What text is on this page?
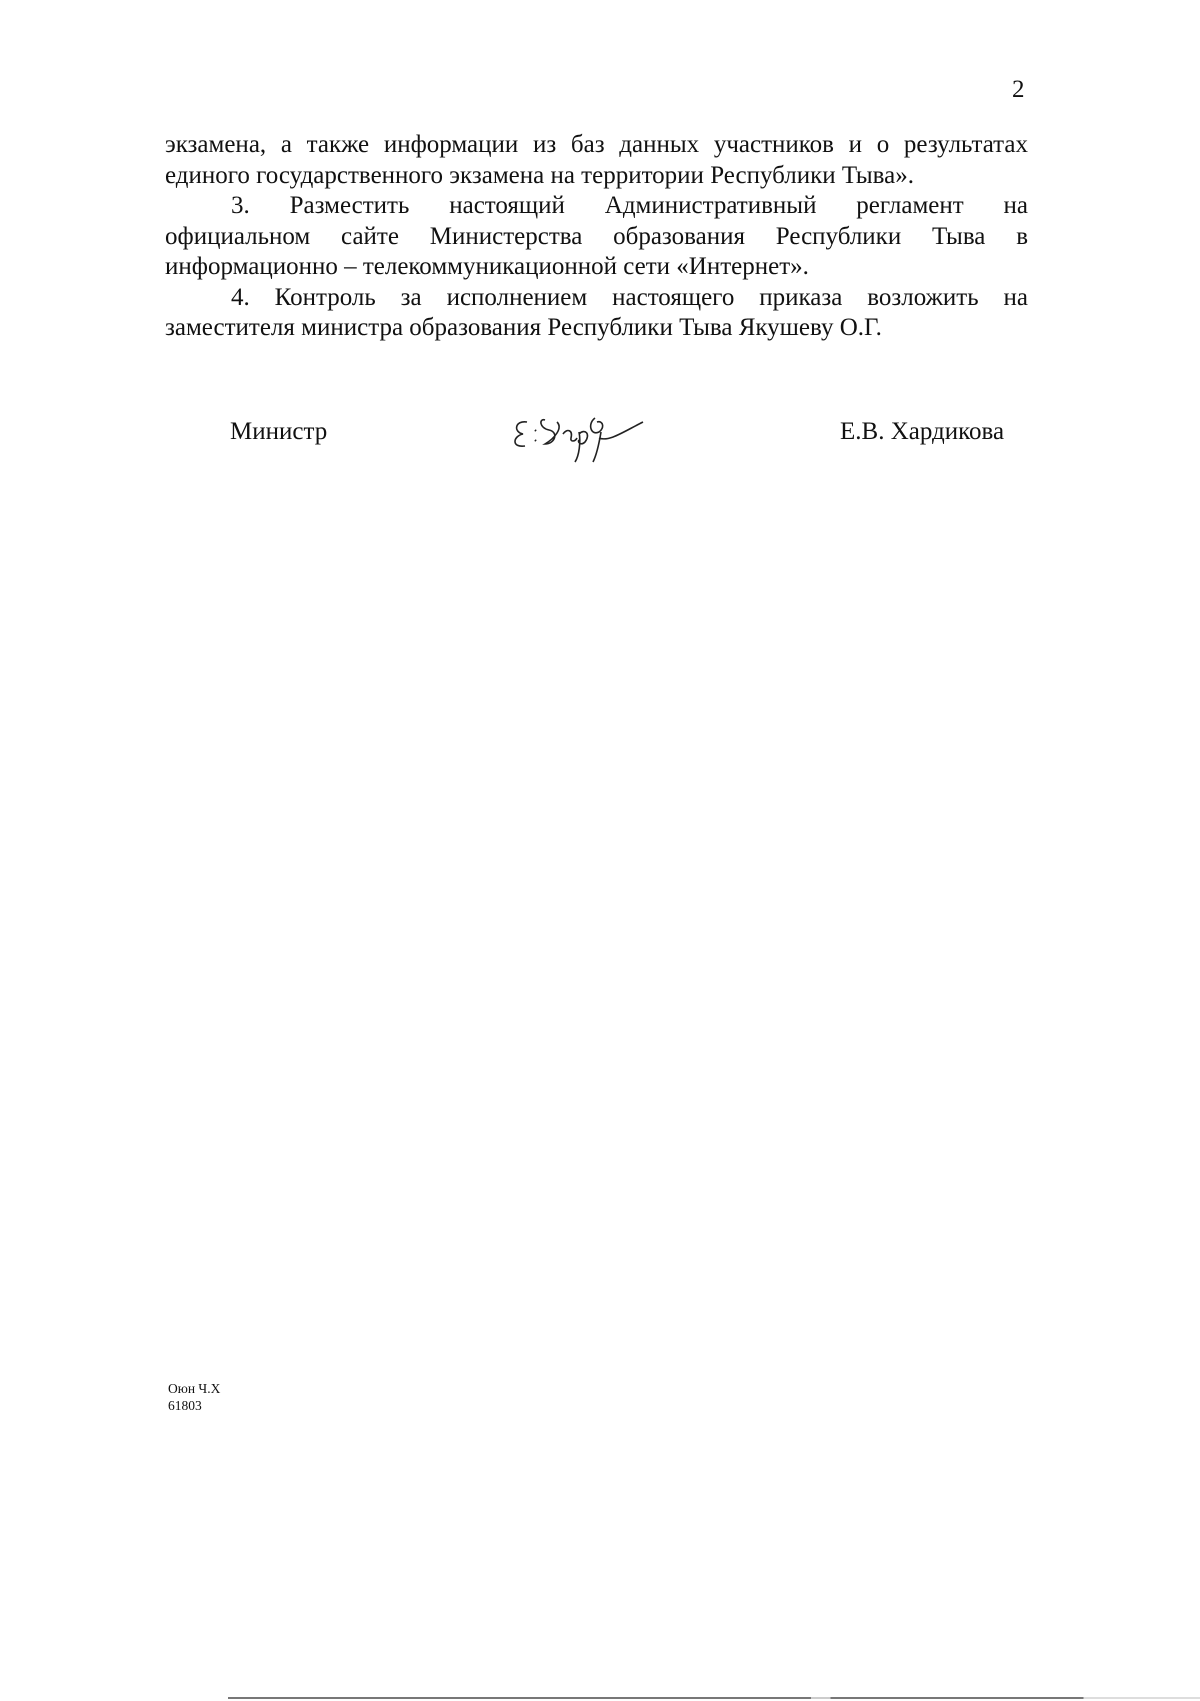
2
экзамена, а также информации из баз данных участников и о результатах
единого государственного экзамена на территории Республики Тыва».
3. Разместить настоящий Административный регламент на
официальном сайте Министерства образования Республики Тыва в
информационно – телекоммуникационной сети «Интернет».
4. Контроль за исполнением настоящего приказа возложить на
заместителя министра образования Республики Тыва Якушеву О.Г.
Министр	Е.В. Хардикова
Оюн Ч.Х
61803
